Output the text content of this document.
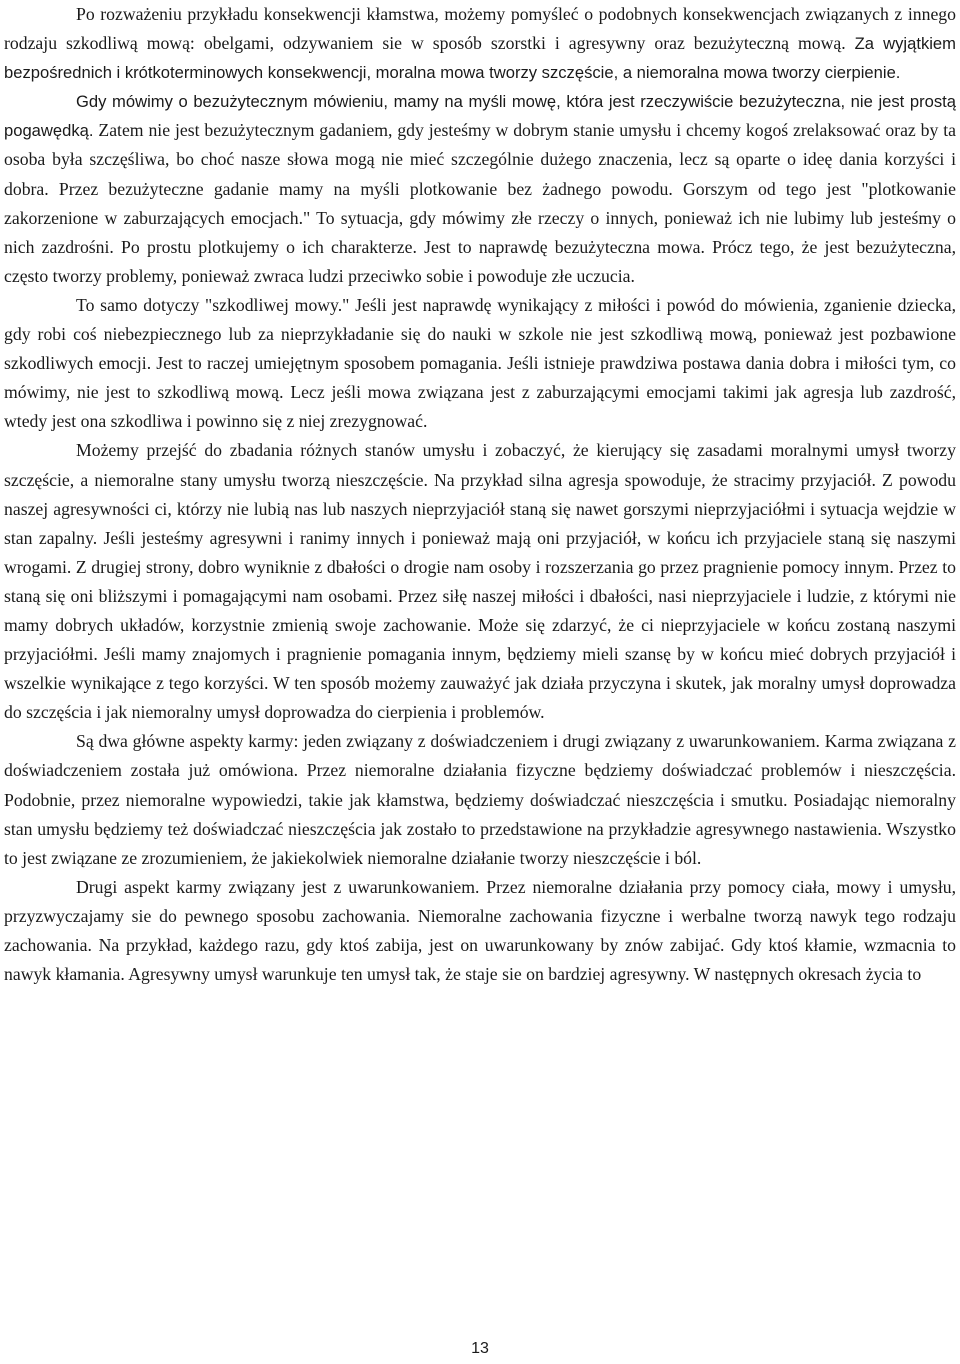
Po rozważeniu przykładu konsekwencji kłamstwa, możemy pomyśleć o podobnych konsekwencjach związanych z innego rodzaju szkodliwą mową: obelgami, odzywaniem sie w sposób szorstki i agresywny oraz bezużyteczną mową. Za wyjątkiem bezpośrednich i krótkoterminowych konsekwencji, moralna mowa tworzy szczęście, a niemoralna mowa tworzy cierpienie.

Gdy mówimy o bezużytecznym mówieniu, mamy na myśli mowę, która jest rzeczywiście bezużyteczna, nie jest prostą pogawędką. Zatem nie jest bezużytecznym gadaniem, gdy jesteśmy w dobrym stanie umysłu i chcemy kogoś zrelaksować oraz by ta osoba była szczęśliwa, bo choć nasze słowa mogą nie mieć szczególnie dużego znaczenia, lecz są oparte o ideę dania korzyści i dobra. Przez bezużyteczne gadanie mamy na myśli plotkowanie bez żadnego powodu. Gorszym od tego jest "plotkowanie zakorzenione w zaburzających emocjach." To sytuacja, gdy mówimy złe rzeczy o innych, ponieważ ich nie lubimy lub jesteśmy o nich zazdrośni. Po prostu plotkujemy o ich charakterze. Jest to naprawdę bezużyteczna mowa. Prócz tego, że jest bezużyteczna, często tworzy problemy, ponieważ zwraca ludzi przeciwko sobie i powoduje złe uczucia.

To samo dotyczy "szkodliwej mowy." Jeśli jest naprawdę wynikający z miłości i powód do mówienia, zganienie dziecka, gdy robi coś niebezpiecznego lub za nieprzykładanie się do nauki w szkole nie jest szkodliwą mową, ponieważ jest pozbawione szkodliwych emocji. Jest to raczej umiejętnym sposobem pomagania. Jeśli istnieje prawdziwa postawa dania dobra i miłości tym, co mówimy, nie jest to szkodliwą mową. Lecz jeśli mowa związana jest z zaburzającymi emocjami takimi jak agresja lub zazdrość, wtedy jest ona szkodliwa i powinno się z niej zrezygnować.

Możemy przejść do zbadania różnych stanów umysłu i zobaczyć, że kierujący się zasadami moralnymi umysł tworzy szczęście, a niemoralne stany umysłu tworzą nieszczęście. Na przykład silna agresja spowoduje, że stracimy przyjaciół. Z powodu naszej agresywności ci, którzy nie lubią nas lub naszych nieprzyjaciół staną się nawet gorszymi nieprzyjaciółmi i sytuacja wejdzie w stan zapalny. Jeśli jesteśmy agresywni i ranimy innych i ponieważ mają oni przyjaciół, w końcu ich przyjaciele staną się naszymi wrogami. Z drugiej strony, dobro wyniknie z dbałości o drogie nam osoby i rozszerzania go przez pragnienie pomocy innym. Przez to staną się oni bliższymi i pomagającymi nam osobami. Przez siłę naszej miłości i dbałości, nasi nieprzyjaciele i ludzie, z którymi nie mamy dobrych układów, korzystnie zmienią swoje zachowanie. Może się zdarzyć, że ci nieprzyjaciele w końcu zostaną naszymi przyjaciółmi. Jeśli mamy znajomych i pragnienie pomagania innym, będziemy mieli szansę by w końcu mieć dobrych przyjaciół i wszelkie wynikające z tego korzyści. W ten sposób możemy zauważyć jak działa przyczyna i skutek, jak moralny umysł doprowadza do szczęścia i jak niemoralny umysł doprowadza do cierpienia i problemów.

Są dwa główne aspekty karmy: jeden związany z doświadczeniem i drugi związany z uwarunkowaniem. Karma związana z doświadczeniem została już omówiona. Przez niemoralne działania fizyczne będziemy doświadczać problemów i nieszczęścia. Podobnie, przez niemoralne wypowiedzi, takie jak kłamstwa, będziemy doświadczać nieszczęścia i smutku. Posiadając niemoralny stan umysłu będziemy też doświadczać nieszczęścia jak zostało to przedstawione na przykładzie agresywnego nastawienia. Wszystko to jest związane ze zrozumieniem, że jakiekolwiek niemoralne działanie tworzy nieszczęście i ból.

Drugi aspekt karmy związany jest z uwarunkowaniem. Przez niemoralne działania przy pomocy ciała, mowy i umysłu, przyzwyczajamy sie do pewnego sposobu zachowania. Niemoralne zachowania fizyczne i werbalne tworzą nawyk tego rodzaju zachowania. Na przykład, każdego razu, gdy ktoś zabija, jest on uwarunkowany by znów zabijać. Gdy ktoś kłamie, wzmacnia to nawyk kłamania. Agresywny umysł warunkuje ten umysł tak, że staje sie on bardziej agresywny. W następnych okresach życia to

13
